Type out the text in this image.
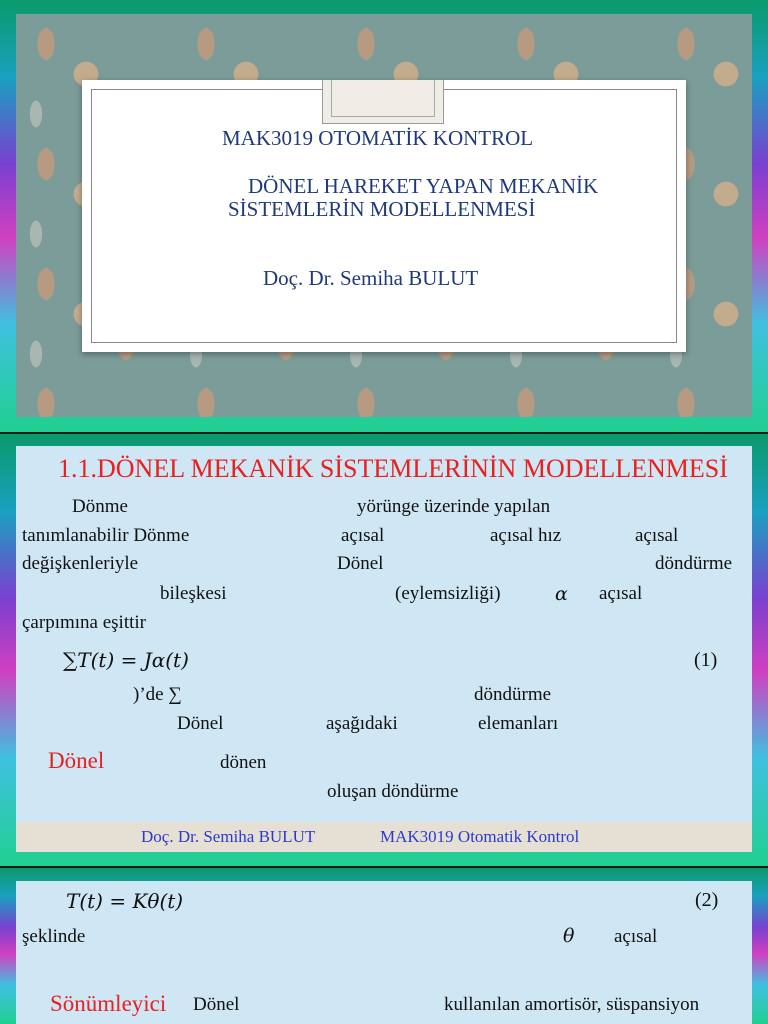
MAK3019 OTOMATİK KONTROL
DÖNEL HAREKET YAPAN MEKANİK
SİSTEMLERİN MODELLENMESİ
Doç. Dr. Semiha BULUT
1.1.DÖNEL MEKANİK SİSTEMLERİNİN MODELLENMESİ
Dönme	yörünge üzerinde yapılan
tanımlanabilir Dönme	açısal	açısal hız	açısal
değişkenleriyle	Dönel	döndürme
bileşkesi	(eylemsizliği)	α açısal
çarpımına eşittir
∑T(t) = Jα(t)	(1)
)’de ∑	döndürme
Dönel	aşağıdaki	elemanları
Dönel	dönen
oluşan döndürme
Doç. Dr. Semiha BULUT	MAK3019 Otomatik Kontrol
T(t) = Kθ(t)	(2)
şeklinde	θ açısal
Sönümleyici Dönel	kullanılan amortisör, süspansiyon
